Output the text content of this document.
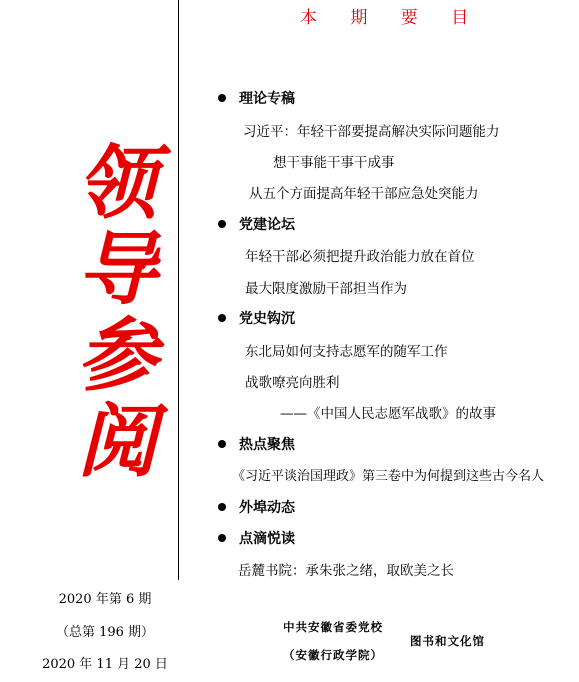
领
导
参
阅
2020 年第 6 期
（总第 196 期）
2020 年 11 月 20 日
本 期 要 目
理论专稿
习近平：年轻干部要提高解决实际问题能力
想干事能干事干成事
从五个方面提高年轻干部应急处突能力
党建论坛
年轻干部必须把提升政治能力放在首位
最大限度激励干部担当作为
党史钩沉
东北局如何支持志愿军的随军工作
战歌嘹亮向胜利
——《中国人民志愿军战歌》的故事
热点聚焦
《习近平谈治国理政》第三卷中为何提到这些古今名人
外埠动态
点滴悦读
岳麓书院：承朱张之绪，取欧美之长
中共安徽省委党校
（安徽行政学院）
图书和文化馆
